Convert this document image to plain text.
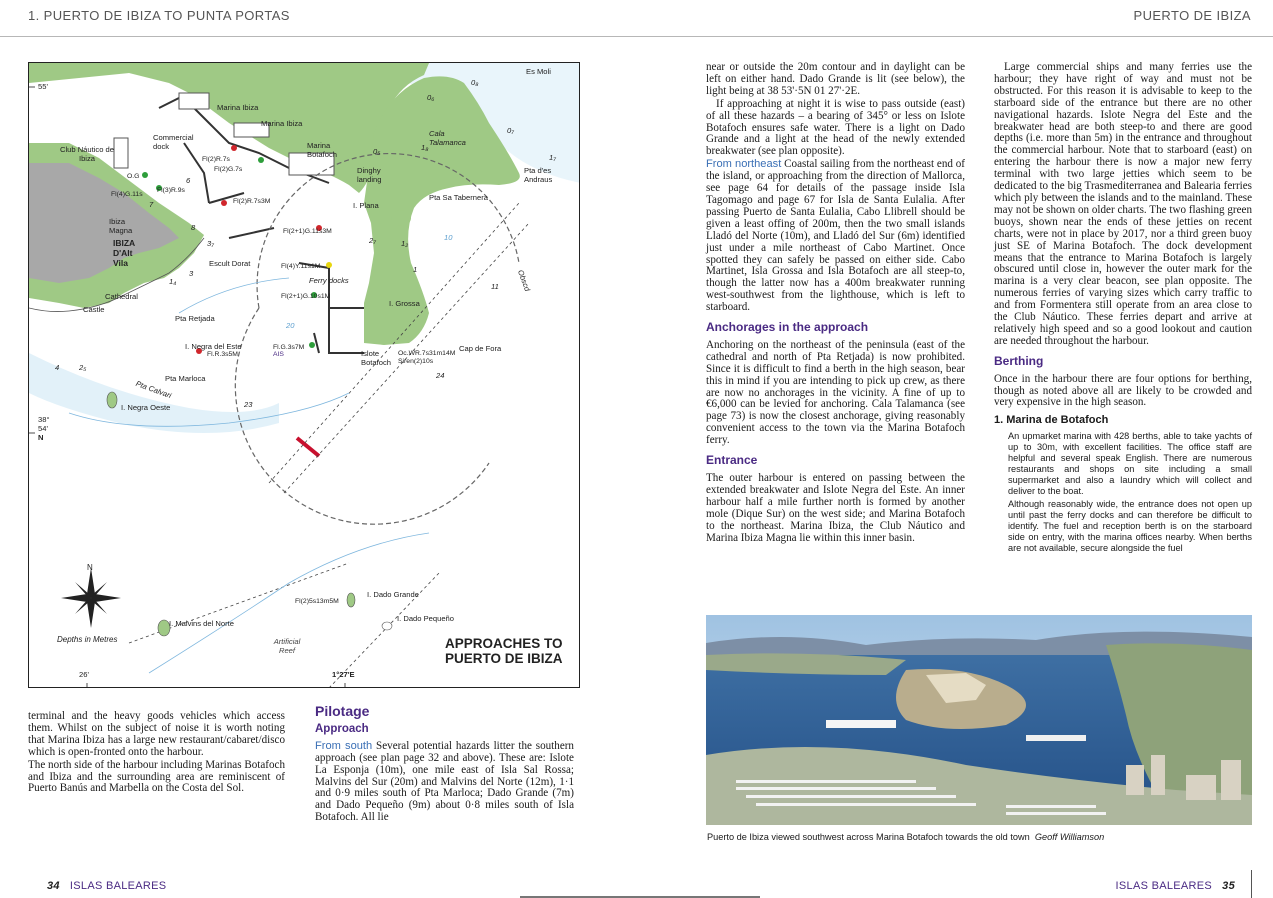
1. PUERTO DE IBIZA TO PUNTA PORTAS	PUERTO DE IBIZA
APPROACHES TO
PUERTO DE IBIZA
Depths in Metres
55'
38°
54'
N
26'	1°27'E
N
Es Moli
Marina Ibiza
Marina Ibiza
Marina Botafoch
Club Náutico de Ibiza
Commercial dock
Cala Talamanca
Pta d'es Andraus
Dinghy landing
Pta Sa Tabernera
I. Plana
Ibiza Magna
IBIZA D'Alt Vila	Escult Dorat
Ferry docks
I. Grossa
Cathedral
Castle
Pta Retjada
I. Negra del Este
Fl.R.3s5M
Fl.G.3s7M
AIS	Islote Botafoch
Oc.WR.7s31m14M
Siren(2)10s
Cap de Fora
Pta Marloca
Pta Calvari
I. Negra Oeste
I. Dado Grande
Fl(2)5s13m5M
I. Dado Pequeño
I. Malvins del Norte
Artificial Reef
Obscd
O.G
Fl(4)G.11s
Fl(3)R.9s
Fl(2)R.7s
Fl(2)G.7s
Fl(2)R.7s3M
Fl(2+1)G.11s3M
Fl(4)Y.11s1M
Fl(2+1)G.10s1M
0₆
0₈
0₅
0₇
1₇
1₈
1₂
2₇
3₇
1
3
1₄
4	2₅
6
8
7
10
11
20
23
24

terminal and the heavy goods vehicles which access them. Whilst on the subject of noise it is worth noting that Marina Ibiza has a large new restaurant/cabaret/disco which is open-fronted onto the harbour.

The north side of the harbour including Marinas Botafoch and Ibiza and the surrounding area are reminiscent of Puerto Banús and Marbella on the Costa del Sol.

Pilotage
Approach

From south Several potential hazards litter the southern approach (see plan page 32 and above). These are: Islote La Esponja (10m), one mile east of Isla Sal Rossa; Malvins del Sur (20m) and Malvins del Norte (12m), 1·1 and 0·9 miles south of Pta Marloca; Dado Grande (7m) and Dado Pequeño (9m) about 0·8 miles south of Isla Botafoch. All lie

near or outside the 20m contour and in daylight can be left on either hand. Dado Grande is lit (see below), the light being at 38 53'·5N 01 27'·2E.

If approaching at night it is wise to pass outside (east) of all these hazards – a bearing of 345° or less on Islote Botafoch ensures safe water. There is a light on Dado Grande and a light at the head of the newly extended breakwater (see plan opposite).

From northeast Coastal sailing from the northeast end of the island, or approaching from the direction of Mallorca, see page 64 for details of the passage inside Isla Tagomago and page 67 for Isla de Santa Eulalia. After passing Puerto de Santa Eulalia, Cabo Llibrell should be given a least offing of 200m, then the two small islands Lladó del Norte (10m), and Lladó del Sur (6m) identified just under a mile northeast of Cabo Martinet. Once spotted they can safely be passed on either side. Cabo Martinet, Isla Grossa and Isla Botafoch are all steep-to, though the latter now has a 400m breakwater running west-southwest from the lighthouse, which is left to starboard.

Anchorages in the approach

Anchoring on the northeast of the peninsula (east of the cathedral and north of Pta Retjada) is now prohibited. Since it is difficult to find a berth in the high season, bear this in mind if you are intending to pick up crew, as there are now no anchorages in the vicinity. A fine of up to €6,000 can be levied for anchoring. Cala Talamanca (see page 73) is now the closest anchorage, giving reasonably convenient access to the town via the Marina Botafoch ferry.

Entrance

The outer harbour is entered on passing between the extended breakwater and Islote Negra del Este. An inner harbour half a mile further north is formed by another mole (Dique Sur) on the west side; and Marina Botafoch to the northeast. Marina Ibiza, the Club Náutico and Marina Ibiza Magna lie within this inner basin.

Large commercial ships and many ferries use the harbour; they have right of way and must not be obstructed. For this reason it is advisable to keep to the starboard side of the entrance but there are no other navigational hazards. Islote Negra del Este and the breakwater head are both steep-to and there are good depths (i.e. more than 5m) in the entrance and throughout the commercial harbour. Note that to starboard (east) on entering the harbour there is now a major new ferry terminal with two large jetties which seem to be dedicated to the big Trasmediterranea and Balearia ferries which ply between the islands and to the mainland. These may not be shown on older charts. The two flashing green buoys, shown near the ends of these jetties on recent charts, were not in place by 2017, nor a third green buoy just SE of Marina Botafoch. The dock development means that the entrance to Marina Botafoch is largely obscured until close in, however the outer mark for the marina is a very clear beacon, see plan opposite. The numerous ferries of varying sizes which carry traffic to and from Formentera still operate from an area close to the Club Náutico. These ferries depart and arrive at relatively high speed and so a good lookout and caution are needed throughout the harbour.

Berthing

Once in the harbour there are four options for berthing, though as noted above all are likely to be crowded and very expensive in the high season.

1. Marina de Botafoch

An upmarket marina with 428 berths, able to take yachts of up to 30m, with excellent facilities. The office staff are helpful and several speak English. There are numerous restaurants and shops on site including a small supermarket and also a laundry which will collect and deliver to the boat.

Although reasonably wide, the entrance does not open up until past the ferry docks and can therefore be difficult to identify. The fuel and reception berth is on the starboard side on entry, with the marina offices nearby. When berths are not available, secure alongside the fuel

Puerto de Ibiza viewed southwest across Marina Botafoch towards the old town Geoff Williamson
34 ISLAS BALEARES	ISLAS BALEARES 35
